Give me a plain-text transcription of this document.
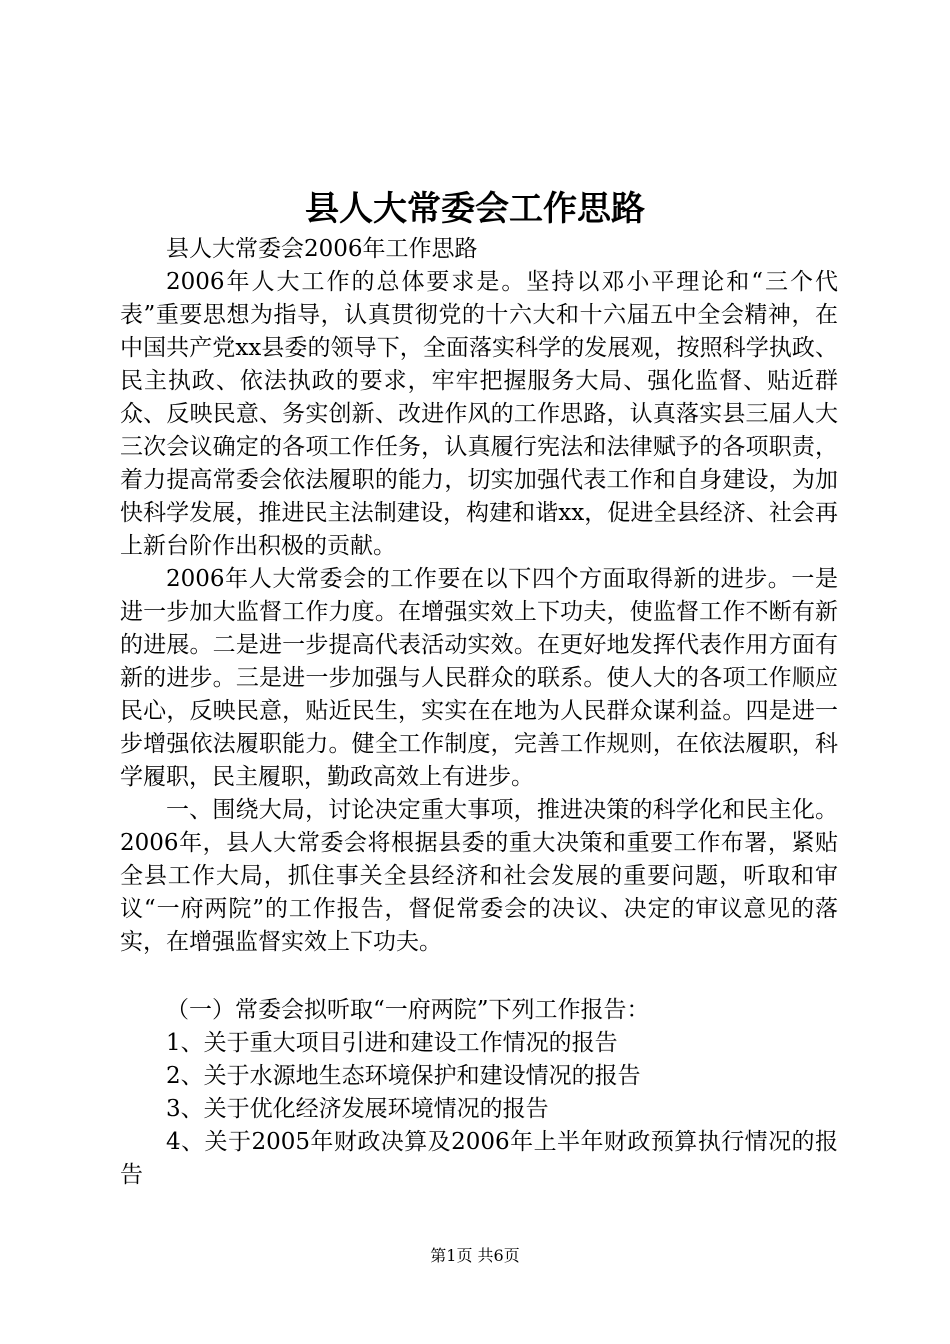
县人大常委会工作思路

县人大常委会2006年工作思路

2006年人大工作的总体要求是。坚持以邓小平理论和“三个代表”重要思想为指导，认真贯彻党的十六大和十六届五中全会精神，在中国共产党xx县委的领导下，全面落实科学的发展观，按照科学执政、民主执政、依法执政的要求，牢牢把握服务大局、强化监督、贴近群众、反映民意、务实创新、改进作风的工作思路，认真落实县三届人大三次会议确定的各项工作任务，认真履行宪法和法律赋予的各项职责，着力提高常委会依法履职的能力，切实加强代表工作和自身建设，为加快科学发展，推进民主法制建设，构建和谐xx，促进全县经济、社会再上新台阶作出积极的贡献。

2006年人大常委会的工作要在以下四个方面取得新的进步。一是进一步加大监督工作力度。在增强实效上下功夫，使监督工作不断有新的进展。二是进一步提高代表活动实效。在更好地发挥代表作用方面有新的进步。三是进一步加强与人民群众的联系。使人大的各项工作顺应民心，反映民意，贴近民生，实实在在地为人民群众谋利益。四是进一步增强依法履职能力。健全工作制度，完善工作规则，在依法履职，科学履职，民主履职，勤政高效上有进步。

一、围绕大局，讨论决定重大事项，推进决策的科学化和民主化。2006年，县人大常委会将根据县委的重大决策和重要工作布署，紧贴全县工作大局，抓住事关全县经济和社会发展的重要问题，听取和审议“一府两院”的工作报告，督促常委会的决议、决定的审议意见的落实，在增强监督实效上下功夫。

（一）常委会拟听取“一府两院”下列工作报告：

1、关于重大项目引进和建设工作情况的报告

2、关于水源地生态环境保护和建设情况的报告

3、关于优化经济发展环境情况的报告

4、关于2005年财政决算及2006年上半年财政预算执行情况的报告

第1页 共6页
